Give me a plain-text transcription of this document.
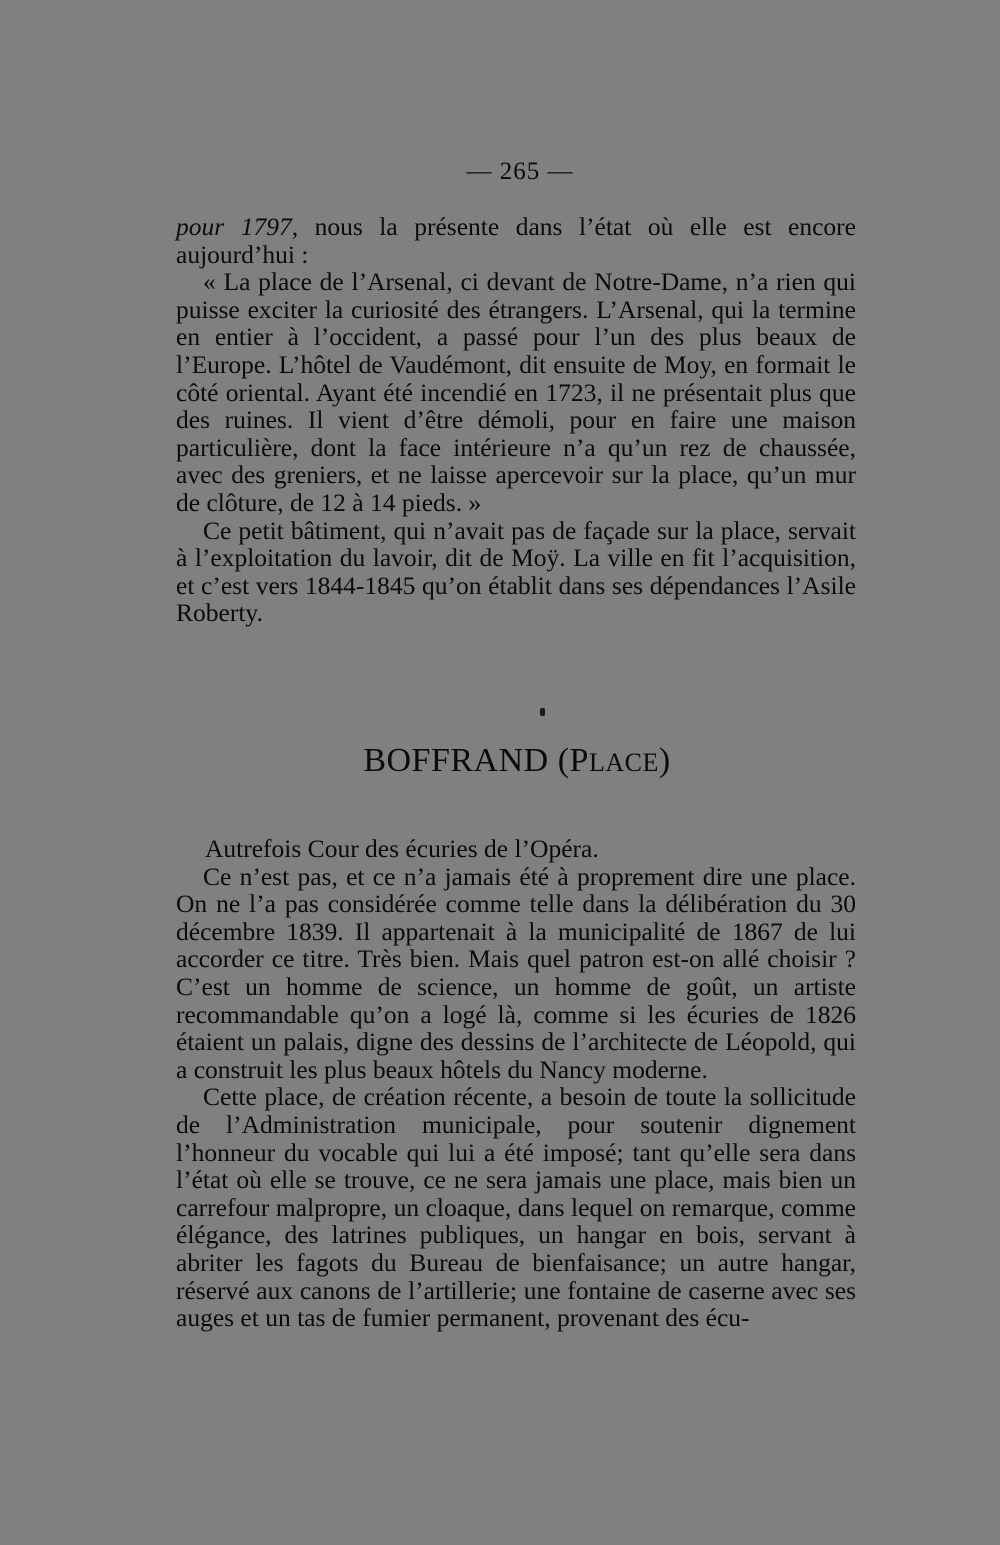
— 265 —

pour 1797, nous la présente dans l’état où elle est encore aujourd’hui :

« La place de l’Arsenal, ci devant de Notre-Dame, n’a rien qui puisse exciter la curiosité des étrangers. L’Arsenal, qui la termine en entier à l’occident, a passé pour l’un des plus beaux de l’Europe. L’hôtel de Vaudémont, dit ensuite de Moy, en formait le côté oriental. Ayant été incendié en 1723, il ne présentait plus que des ruines. Il vient d’être démoli, pour en faire une maison particulière, dont la face intérieure n’a qu’un rez de chaussée, avec des greniers, et ne laisse apercevoir sur la place, qu’un mur de clôture, de 12 à 14 pieds. »

Ce petit bâtiment, qui n’avait pas de façade sur la place, servait à l’exploitation du lavoir, dit de Moÿ. La ville en fit l’acquisition, et c’est vers 1844-1845 qu’on établit dans ses dépendances l’Asile Roberty.

BOFFRAND (PLACE)

Autrefois Cour des écuries de l’Opéra.

Ce n’est pas, et ce n’a jamais été à proprement dire une place. On ne l’a pas considérée comme telle dans la délibération du 30 décembre 1839. Il appartenait à la municipalité de 1867 de lui accorder ce titre. Très bien. Mais quel patron est-on allé choisir ? C’est un homme de science, un homme de goût, un artiste recommandable qu’on a logé là, comme si les écuries de 1826 étaient un palais, digne des dessins de l’architecte de Léopold, qui a construit les plus beaux hôtels du Nancy moderne.

Cette place, de création récente, a besoin de toute la sollicitude de l’Administration municipale, pour soutenir dignement l’honneur du vocable qui lui a été imposé; tant qu’elle sera dans l’état où elle se trouve, ce ne sera jamais une place, mais bien un carrefour malpropre, un cloaque, dans lequel on remarque, comme élégance, des latrines publiques, un hangar en bois, servant à abriter les fagots du Bureau de bienfaisance; un autre hangar, réservé aux canons de l’artillerie; une fontaine de caserne avec ses auges et un tas de fumier permanent, provenant des écu-
